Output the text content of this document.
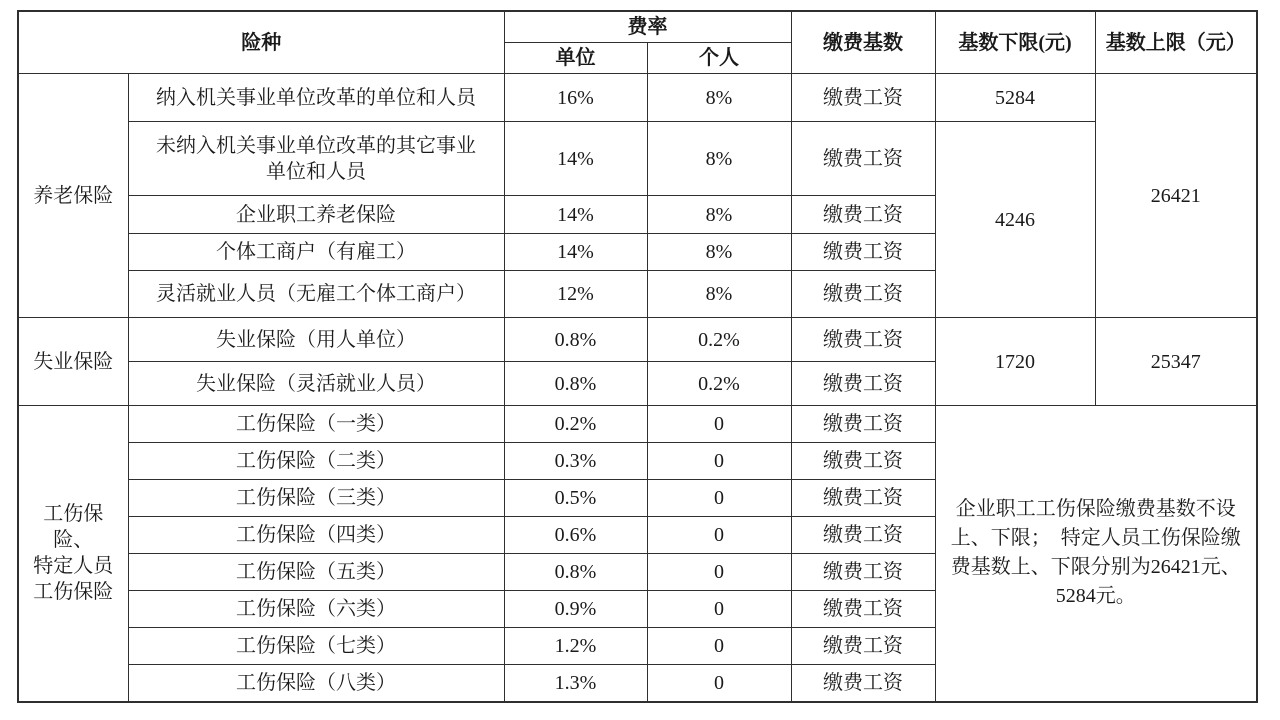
险种		费率		缴费基数	基数下限(元)	基数上限（元）
		单位	个人			
养老保险	纳入机关事业单位改革的单位和人员	16%	8%	缴费工资	5284	26421
	未纳入机关事业单位改革的其它事业单位和人员	14%	8%	缴费工资	4246	
	企业职工养老保险	14%	8%	缴费工资		
	个体工商户（有雇工）	14%	8%	缴费工资		
	灵活就业人员（无雇工个体工商户）	12%	8%	缴费工资		
失业保险	失业保险（用人单位）	0.8%	0.2%	缴费工资	1720	25347
	失业保险（灵活就业人员）	0.8%	0.2%	缴费工资		

工伤保险、
特定人员
工伤保险	工伤保险（一类）	0.2%	0	缴费工资	企业职工工伤保险缴费基数不设上、下限；　特定人员工伤保险缴费基数上、下限分别为26421元、5284元。	
	工伤保险（二类）	0.3%	0	缴费工资		
	工伤保险（三类）	0.5%	0	缴费工资		
	工伤保险（四类）	0.6%	0	缴费工资		
	工伤保险（五类）	0.8%	0	缴费工资		
	工伤保险（六类）	0.9%	0	缴费工资		
	工伤保险（七类）	1.2%	0	缴费工资		
	工伤保险（八类）	1.3%	0	缴费工资		
